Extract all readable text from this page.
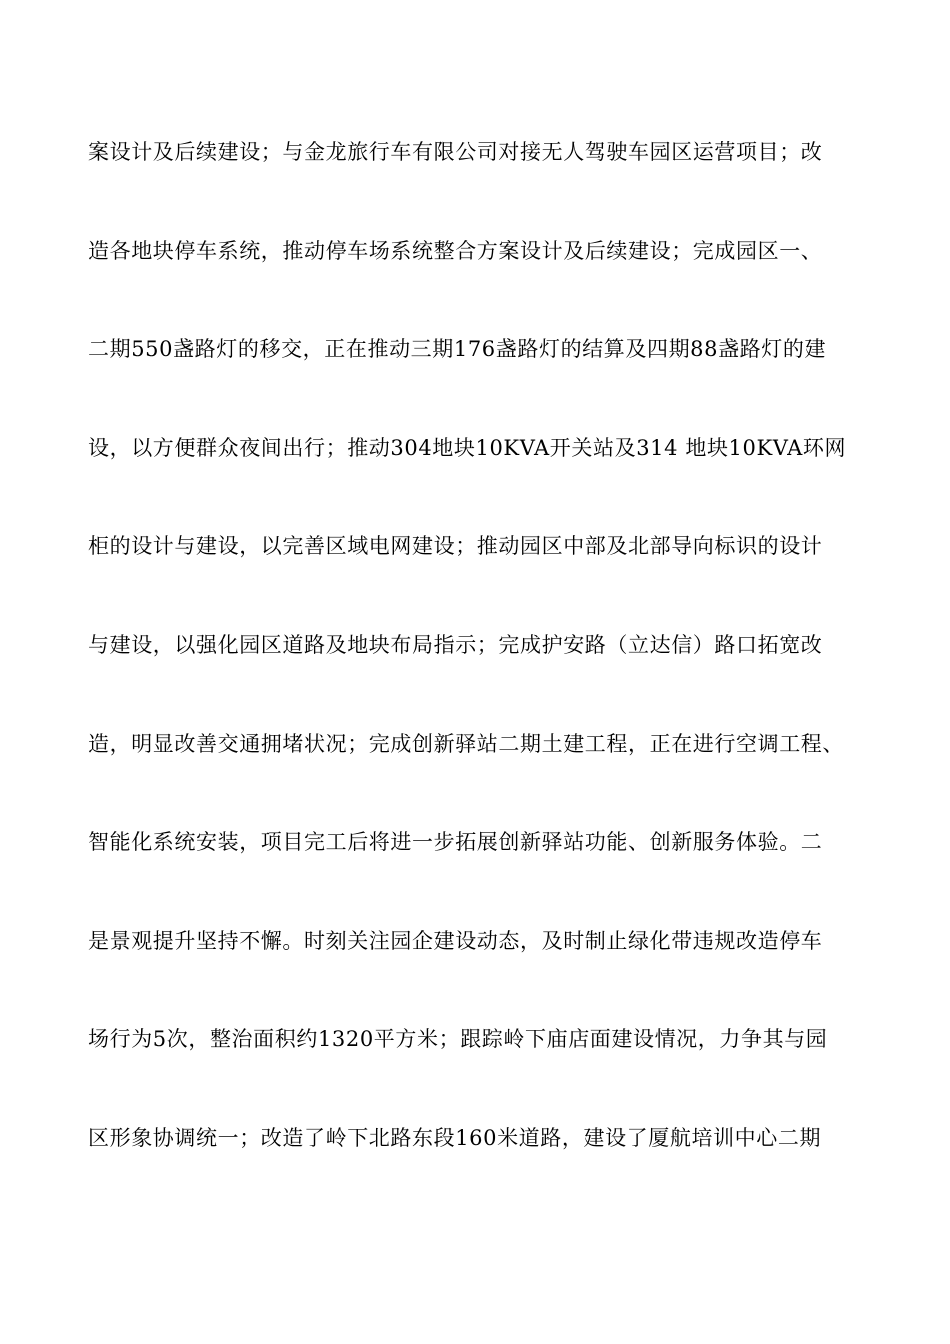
案设计及后续建设；与金龙旅行车有限公司对接无人驾驶车园区运营项目；改
造各地块停车系统，推动停车场系统整合方案设计及后续建设；完成园区一、
二期550盏路灯的移交，正在推动三期176盏路灯的结算及四期88盏路灯的建
设，以方便群众夜间出行；推动304地块10KVA开关站及314 地块10KVA环网
柜的设计与建设，以完善区域电网建设；推动园区中部及北部导向标识的设计
与建设，以强化园区道路及地块布局指示；完成护安路（立达信）路口拓宽改
造，明显改善交通拥堵状况；完成创新驿站二期土建工程，正在进行空调工程、
智能化系统安装，项目完工后将进一步拓展创新驿站功能、创新服务体验。二
是景观提升坚持不懈。时刻关注园企建设动态，及时制止绿化带违规改造停车
场行为5次，整治面积约1320平方米；跟踪岭下庙店面建设情况，力争其与园
区形象协调统一；改造了岭下北路东段160米道路，建设了厦航培训中心二期
